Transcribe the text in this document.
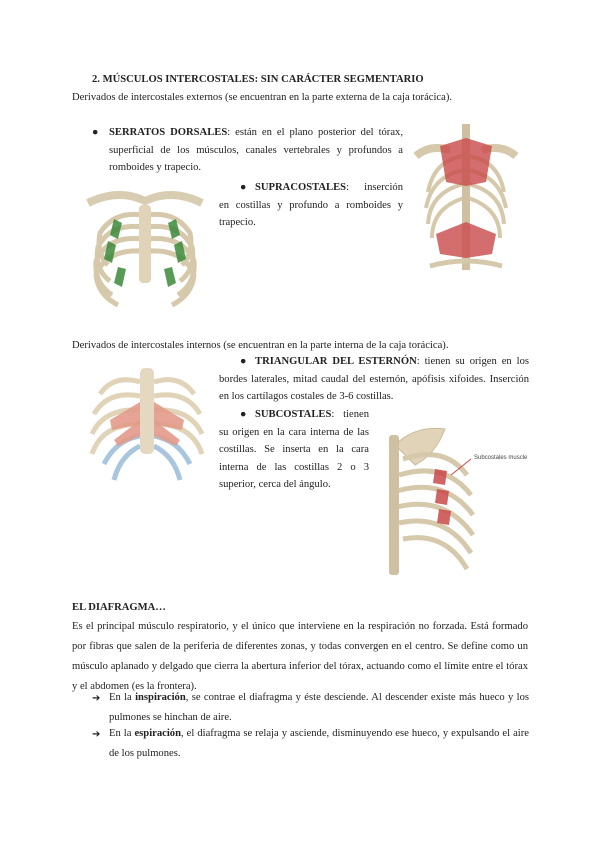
2. MÚSCULOS INTERCOSTALES: SIN CARÁCTER SEGMENTARIO
Derivados de intercostales externos (se encuentran en la parte externa de la caja torácica).
● SERRATOS DORSALES: están en el plano posterior del tórax, superficial de los músculos, canales vertebrales y profundos a romboides y trapecio.
● SUPRACOSTALES: inserción en costillas y profundo a romboides y trapecio.
Derivados de intercostales internos (se encuentran en la parte interna de la caja torácica).
● TRIANGULAR DEL ESTERNÓN: tienen su origen en los bordes laterales, mitad caudal del esternón, apófisis xifoides. Inserción en los cartílagos costales de 3-6 costillas.
● SUBCOSTALES: tienen su origen en la cara interna de las costillas. Se inserta en la cara interna de las costillas 2 o 3 superior, cerca del ángulo.
Subcostales muscle
EL DIAFRAGMA…
Es el principal músculo respiratorio, y el único que interviene en la respiración no forzada. Está formado por fibras que salen de la periferia de diferentes zonas, y todas convergen en el centro. Se define como un músculo aplanado y delgado que cierra la abertura inferior del tórax, actuando como el límite entre el tórax y el abdomen (es la frontera).
➔ En la inspiración, se contrae el diafragma y éste desciende. Al descender existe más hueco y los pulmones se hinchan de aire.
➔ En la espiración, el diafragma se relaja y asciende, disminuyendo ese hueco, y expulsando el aire de los pulmones.
